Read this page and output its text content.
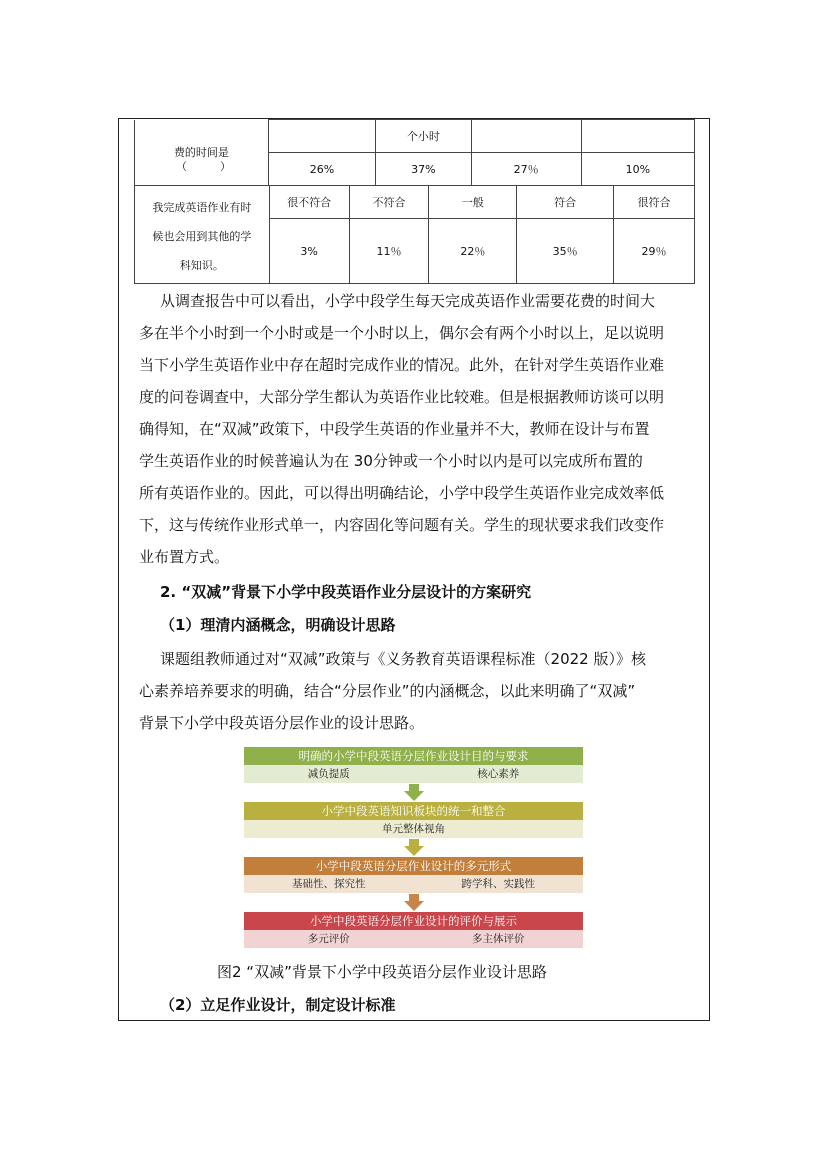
费的时间是		个小时		
	26%	37%	27％	10%
（　　　）
我完成英语作业有时
候也会用到其他的学
科知识。	很不符合	不符合	一般	符合	很符合
	3%	11％	22％	35％	29％
从调查报告中可以看出，小学中段学生每天完成英语作业需要花费的时间大
多在半个小时到一个小时或是一个小时以上，偶尔会有两个小时以上，足以说明
当下小学生英语作业中存在超时完成作业的情况。此外，在针对学生英语作业难
度的问卷调查中，大部分学生都认为英语作业比较难。但是根据教师访谈可以明
确得知，在“双减”政策下，中段学生英语的作业量并不大，教师在设计与布置
学生英语作业的时候普遍认为在 30分钟或一个小时以内是可以完成所布置的
所有英语作业的。因此，可以得出明确结论，小学中段学生英语作业完成效率低
下，这与传统作业形式单一，内容固化等问题有关。学生的现状要求我们改变作
业布置方式。
2. “双减”背景下小学中段英语作业分层设计的方案研究
（1）理清内涵概念，明确设计思路
课题组教师通过对“双减”政策与《义务教育英语课程标准（2022 版）》核
心素养培养要求的明确，结合“分层作业”的内涵概念，以此来明确了“双减”
背景下小学中段英语分层作业的设计思路。
明确的小学中段英语分层作业设计目的与要求
减负提质	核心素养
小学中段英语知识板块的统一和整合
单元整体视角
小学中段英语分层作业设计的多元形式
基础性、探究性	跨学科、实践性
小学中段英语分层作业设计的评价与展示
多元评价	多主体评价
图2 “双减”背景下小学中段英语分层作业设计思路
（2）立足作业设计，制定设计标准
